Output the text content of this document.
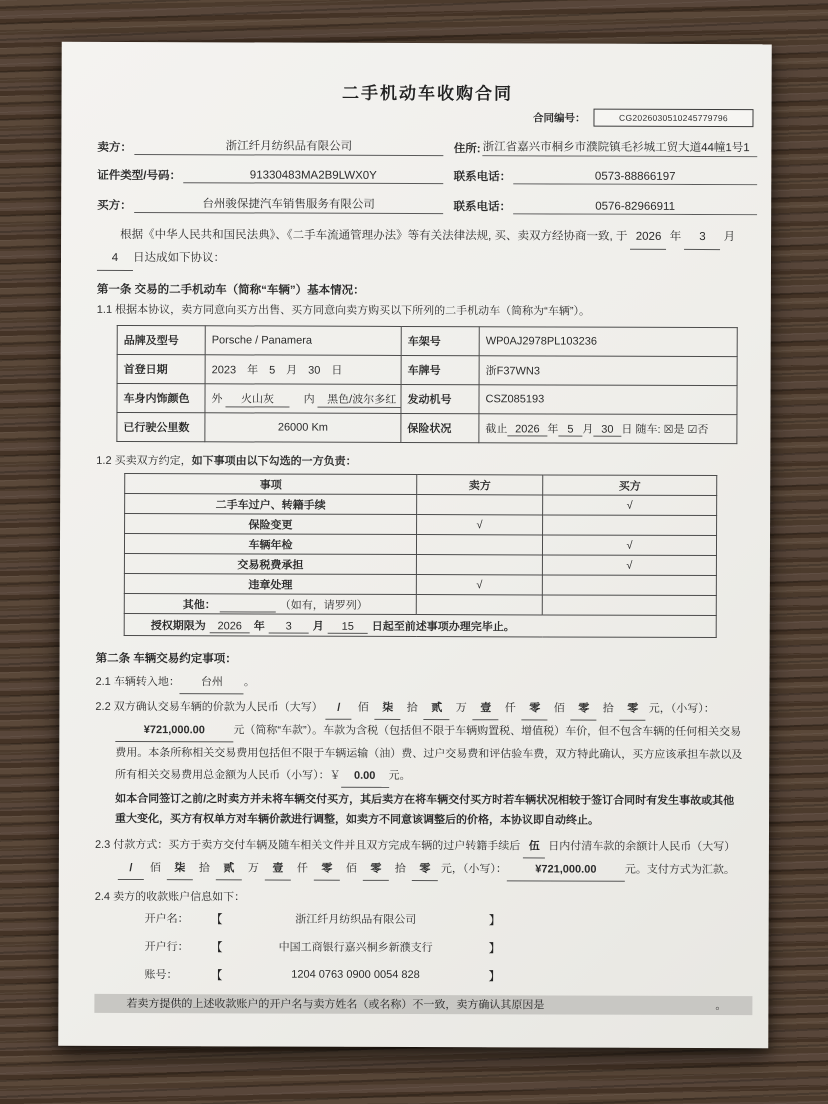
二手机动车收购合同
合同编号：	CG2026030510245779796
卖方：	浙江纤月纺织品有限公司	住所: 浙江省嘉兴市桐乡市濮院镇毛衫城工贸大道44幢1号1
证件类型/号码：	91330483MA2B9LWX0Y	联系电话：	0573-88866197
买方：	台州骏保捷汽车销售服务有限公司	联系电话：	0576-82966911

根据《中华人民共和国民法典》、《二手车流通管理办法》等有关法律法规, 买、卖双方经协商一致, 于 2026 年 3 月 4 日达成如下协议：

第一条 交易的二手机动车（简称“车辆”）基本情况：
1.1 根据本协议，卖方同意向买方出售、买方同意向卖方购买以下所列的二手机动车（简称为“车辆”）。
品牌及型号	Porsche / Panamera	车架号	WP0AJ2978PL103236
首登日期	2023　年　5　月　30　日	车牌号	浙F37WN3
车身内饰颜色	外 火山灰 　 内 黑色/波尔多红	发动机号	CSZ085193
已行驶公里数	26000 Km	保险状况	截止 2026 年 5 月 30 日 随车: ☒是 ☑否
1.2 买卖双方约定，如下事项由以下勾选的一方负责：
事项	卖方	买方
二手车过户、转籍手续		√
保险变更	√	
车辆年检		√
交易税费承担		√
违章处理	√	
其他： （如有，请罗列）		
授权期限为 2026 年 3 月 15 日起至前述事项办理完毕止。		
第二条 车辆交易约定事项：
2.1 车辆转入地： 台州 。
2.2 双方确认交易车辆的价款为人民币（大写） / 佰 柒 拾 贰 万 壹 仟 零 佰 零 拾 零 元，（小写）：¥721,000.00	元（简称“车款”）。车款为含税（包括但不限于车辆购置税、增值税）车价，但不包含车辆的任何相关交易费用。本条所称相关交易费用包括但不限于车辆运输（油）费、过户交易费和评估验车费，双方特此确认，买方应该承担车款以及所有相关交易费用总金额为人民币（小写）：￥ 0.00 元。
如本合同签订之前/之时卖方并未将车辆交付买方，其后卖方在将车辆交付买方时若车辆状况相较于签订合同时有发生事故或其他重大变化，买方有权单方对车辆价款进行调整，如卖方不同意该调整后的价格，本协议即自动终止。
2.3 付款方式：买方于卖方交付车辆及随车相关文件并且双方完成车辆的过户转籍手续后 伍 日内付清车款的余额计人民币（大写）/ 佰 柒 拾 贰 万 壹 仟 零 佰 零 拾 零 元，（小写）：	¥721,000.00	元。支付方式为汇款。
2.4 卖方的收款账户信息如下：
开户名：	【	浙江纤月纺织品有限公司	】
开户行：	【	中国工商银行嘉兴桐乡新濮支行	】
账号：	【	1204 0763 0900 0054 828	】
若卖方提供的上述收款账户的开户名与卖方姓名（或名称）不一致，卖方确认其原因是	。
